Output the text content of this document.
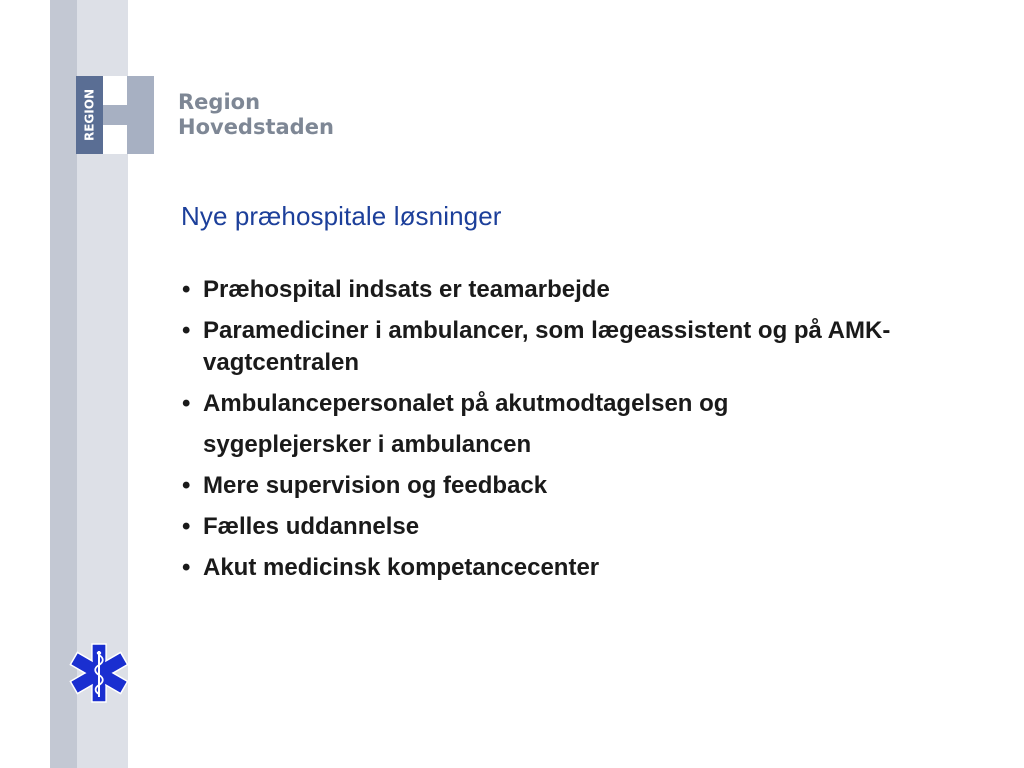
REGION	Region
Hovedstaden
Nye præhospitale løsninger
• Præhospital indsats er teamarbejde
• Paramediciner i ambulancer, som lægeassistent og på AMK-vagtcentralen
• Ambulancepersonalet på akutmodtagelsen og
sygeplejersker i ambulancen
• Mere supervision og feedback
• Fælles uddannelse
• Akut medicinsk kompetancecenter
